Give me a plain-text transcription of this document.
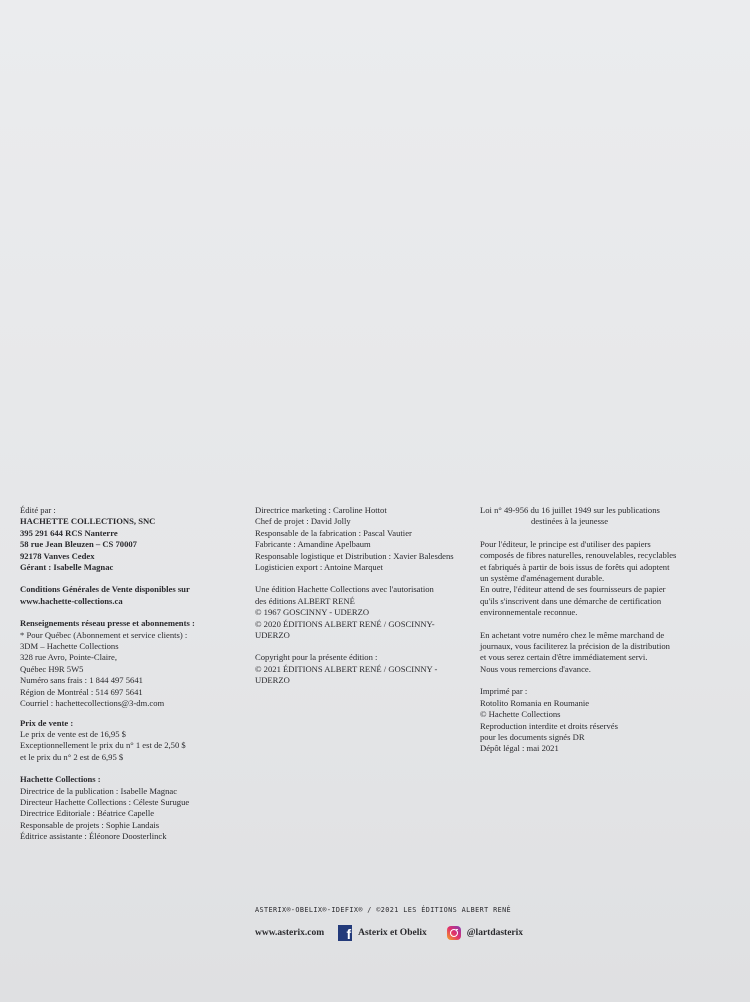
Édité par :
HACHETTE COLLECTIONS, SNC
395 291 644 RCS Nanterre
58 rue Jean Bleuzen – CS 70007
92178 Vanves Cedex
Gérant : Isabelle Magnac
Conditions Générales de Vente disponibles sur
www.hachette-collections.ca
Renseignements réseau presse et abonnements :
* Pour Québec (Abonnement et service clients) :
3DM – Hachette Collections
328 rue Avro, Pointe-Claire,
Québec H9R 5W5
Numéro sans frais : 1 844 497 5641
Région de Montréal : 514 697 5641
Courriel : hachettecollections@3-dm.com
Prix de vente :
Le prix de vente est de 16,95 $
Exceptionnellement le prix du n° 1 est de 2,50 $
et le prix du n° 2 est de 6,95 $
Hachette Collections :
Directrice de la publication : Isabelle Magnac
Directeur Hachette Collections : Céleste Surugue
Directrice Editoriale : Béatrice Capelle
Responsable de projets : Sophie Landais
Éditrice assistante : Éléonore Doosterlinck
Directrice marketing : Caroline Hottot
Chef de projet : David Jolly
Responsable de la fabrication : Pascal Vautier
Fabricante : Amandine Apelbaum
Responsable logistique et Distribution : Xavier Balesdens
Logisticien export : Antoine Marquet
Une édition Hachette Collections avec l'autorisation
des éditions ALBERT RENÉ
© 1967 GOSCINNY - UDERZO
© 2020 ÉDITIONS ALBERT RENÉ / GOSCINNY-
UDERZO
Copyright pour la présente édition :
© 2021 ÉDITIONS ALBERT RENÉ / GOSCINNY -
UDERZO
Loi n° 49-956 du 16 juillet 1949 sur les publications
destinées à la jeunesse
Pour l'éditeur, le principe est d'utiliser des papiers
composés de fibres naturelles, renouvelables, recyclables
et fabriqués à partir de bois issus de forêts qui adoptent
un système d'aménagement durable.
En outre, l'éditeur attend de ses fournisseurs de papier
qu'ils s'inscrivent dans une démarche de certification
environnementale reconnue.
En achetant votre numéro chez le même marchand de
journaux, vous faciliterez la précision de la distribution
et vous serez certain d'être immédiatement servi.
Nous vous remercions d'avance.
Imprimé par :
Rotolito Romania en Roumanie
© Hachette Collections
Reproduction interdite et droits réservés
pour les documents signés DR
Dépôt légal : mai 2021
ASTERIX®-OBELIX®-IDEFIX® / ©2021 LES ÉDITIONS ALBERT RENÉ
www.asterix.com	f Asterix et Obelix	@lartdasterix
